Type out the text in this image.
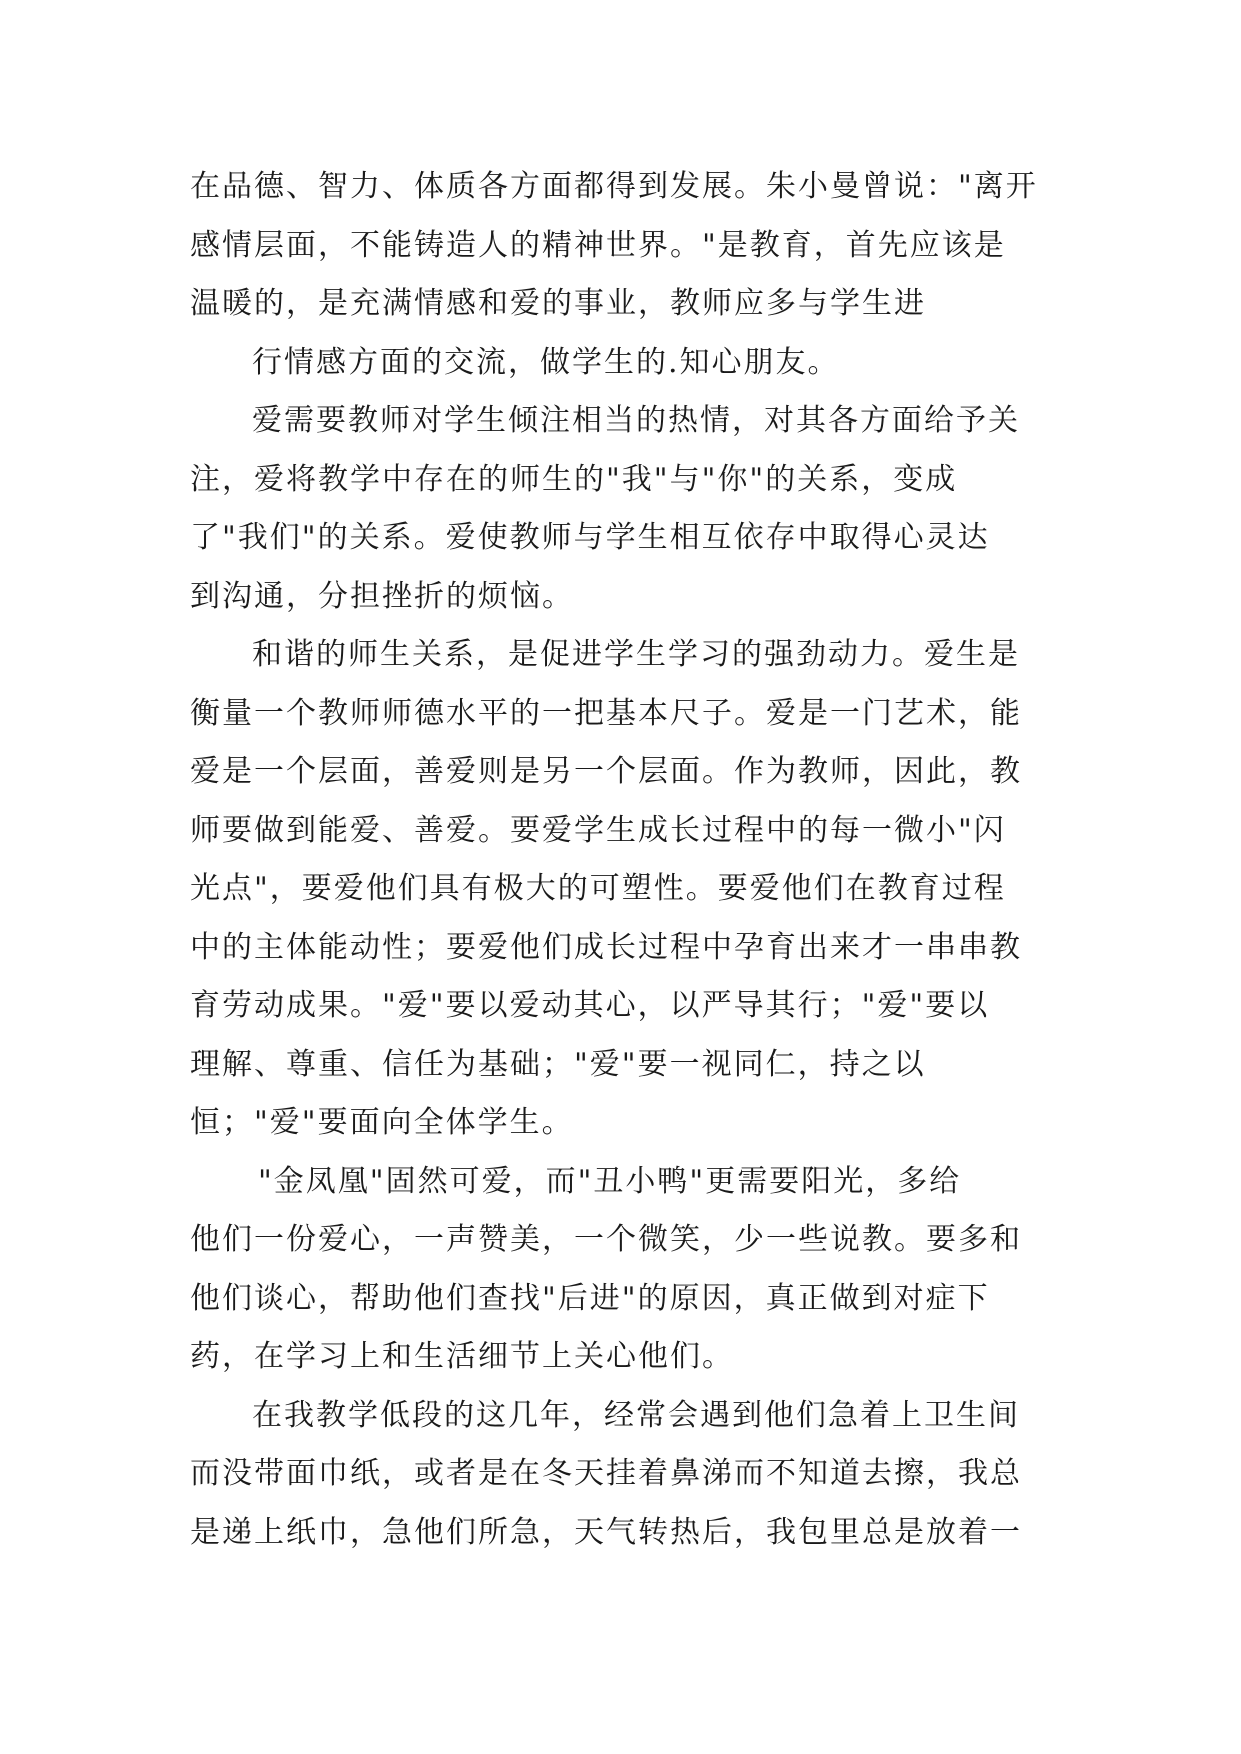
在品德、智力、体质各方面都得到发展。朱小曼曾说："离开
感情层面，不能铸造人的精神世界。"是教育，首先应该是
温暖的，是充满情感和爱的事业，教师应多与学生进
行情感方面的交流，做学生的.知心朋友。
爱需要教师对学生倾注相当的热情，对其各方面给予关
注，爱将教学中存在的师生的"我"与"你"的关系，变成
了"我们"的关系。爱使教师与学生相互依存中取得心灵达
到沟通，分担挫折的烦恼。
和谐的师生关系，是促进学生学习的强劲动力。爱生是
衡量一个教师师德水平的一把基本尺子。爱是一门艺术，能
爱是一个层面，善爱则是另一个层面。作为教师，因此，教
师要做到能爱、善爱。要爱学生成长过程中的每一微小"闪
光点"，要爱他们具有极大的可塑性。要爱他们在教育过程
中的主体能动性；要爱他们成长过程中孕育出来才一串串教
育劳动成果。"爱"要以爱动其心，以严导其行；"爱"要以
理解、尊重、信任为基础；"爱"要一视同仁，持之以
恒；"爱"要面向全体学生。
"金凤凰"固然可爱，而"丑小鸭"更需要阳光，多给
他们一份爱心，一声赞美，一个微笑，少一些说教。要多和
他们谈心，帮助他们查找"后进"的原因，真正做到对症下
药，在学习上和生活细节上关心他们。
在我教学低段的这几年，经常会遇到他们急着上卫生间
而没带面巾纸，或者是在冬天挂着鼻涕而不知道去擦，我总
是递上纸巾，急他们所急，天气转热后，我包里总是放着一
